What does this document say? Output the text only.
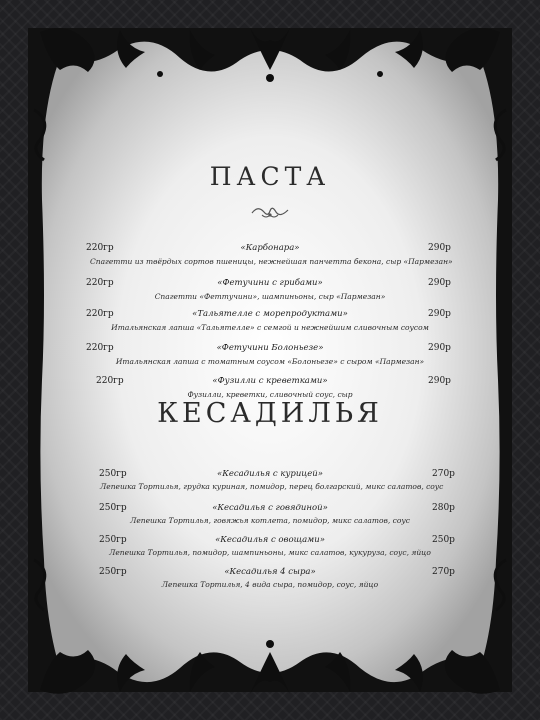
ПАСТА
220гр	«Карбонара»	290р
Спагетти из твёрдых сортов пшеницы, нежнейшая панчетта бекона, сыр «Пармезан»
220гр	«Фетучини с грибами»	290р
Спагетти «Феттучини», шампиньоны, сыр «Пармезан»
220гр	«Тальятелле с морепродуктами»	290р
Итальянская лапша «Тальятелле» с семгой и нежнейшим сливочным соусом
220гр	«Фетучини Болоньезе»	290р
Итальянская лапша с томатным соусом «Болоньезе» с сыром «Пармезан»
220гр	«Фузилли с креветками»	290р
Фузилли, креветки, сливочный соус, сыр
КЕСАДИЛЬЯ
250гр	«Кесадилья с курицей»	270р
Лепешка Тортилья, грудка куриная, помидор, перец болгарский, микс салатов, соус
250гр	«Кесадилья с говядиной»	280р
Лепешка Тортилья, говяжья котлета, помидор, микс салатов, соус
250гр	«Кесадилья с овощами»	250р
Лепешка Тортилья, помидор, шампиньоны, микс салатов, кукуруза, соус, яйцо
250гр	«Кесадилья 4 сыра»	270р
Лепешка Тортилья, 4 вида сыра, помидор, соус, яйцо
